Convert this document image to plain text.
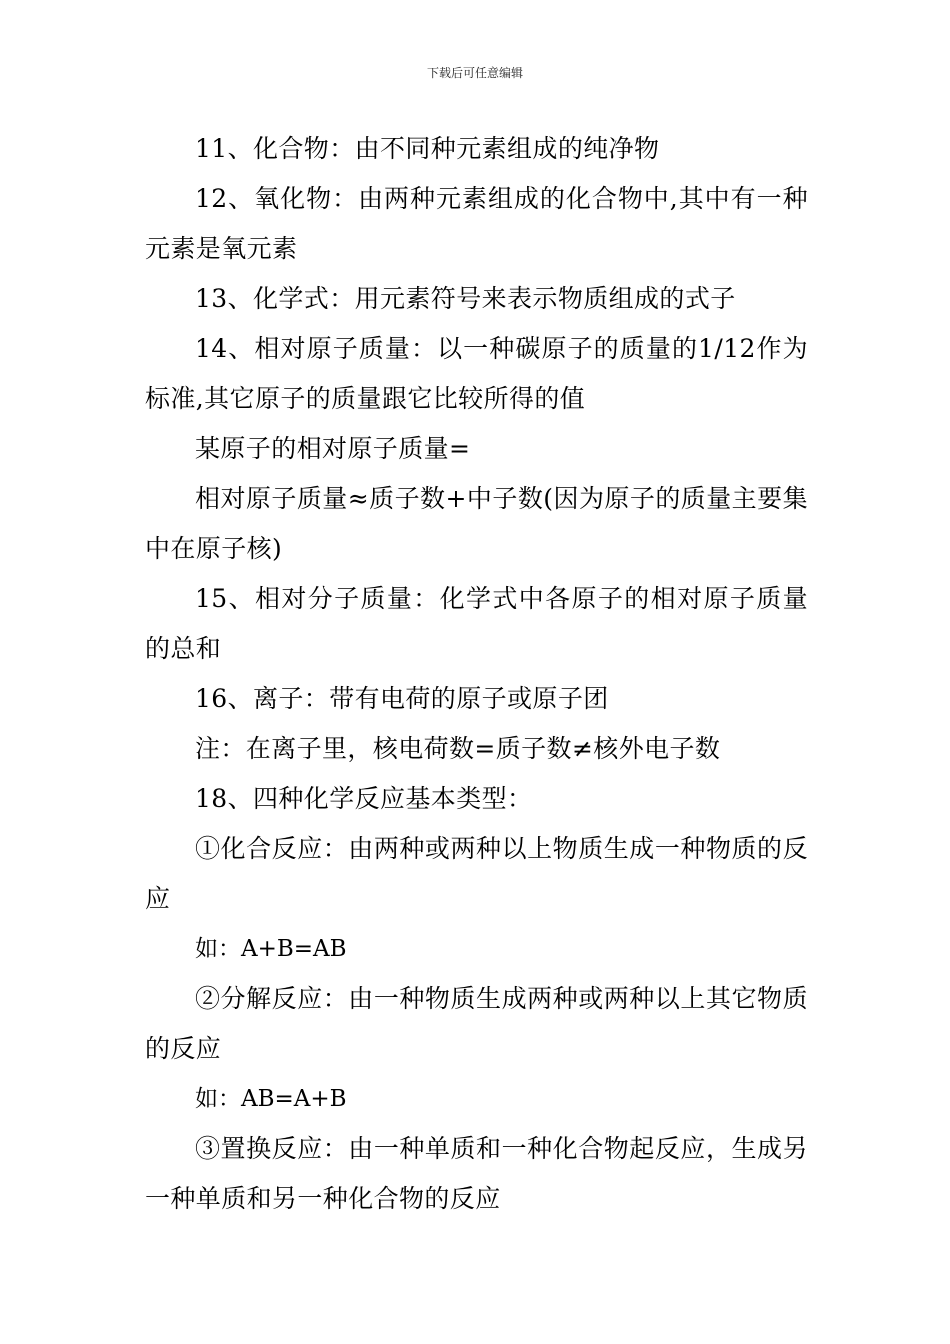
下载后可任意编辑

11、化合物：由不同种元素组成的纯净物

12、氧化物：由两种元素组成的化合物中,其中有一种元素是氧元素

13、化学式：用元素符号来表示物质组成的式子

14、相对原子质量：以一种碳原子的质量的1/12作为标准,其它原子的质量跟它比较所得的值

某原子的相对原子质量=

相对原子质量≈质子数+中子数(因为原子的质量主要集中在原子核)

15、相对分子质量：化学式中各原子的相对原子质量的总和

16、离子：带有电荷的原子或原子团

注：在离子里，核电荷数=质子数≠核外电子数

18、四种化学反应基本类型：

①化合反应：由两种或两种以上物质生成一种物质的反应

如：A+B=AB

②分解反应：由一种物质生成两种或两种以上其它物质的反应

如：AB=A+B

③置换反应：由一种单质和一种化合物起反应，生成另一种单质和另一种化合物的反应
